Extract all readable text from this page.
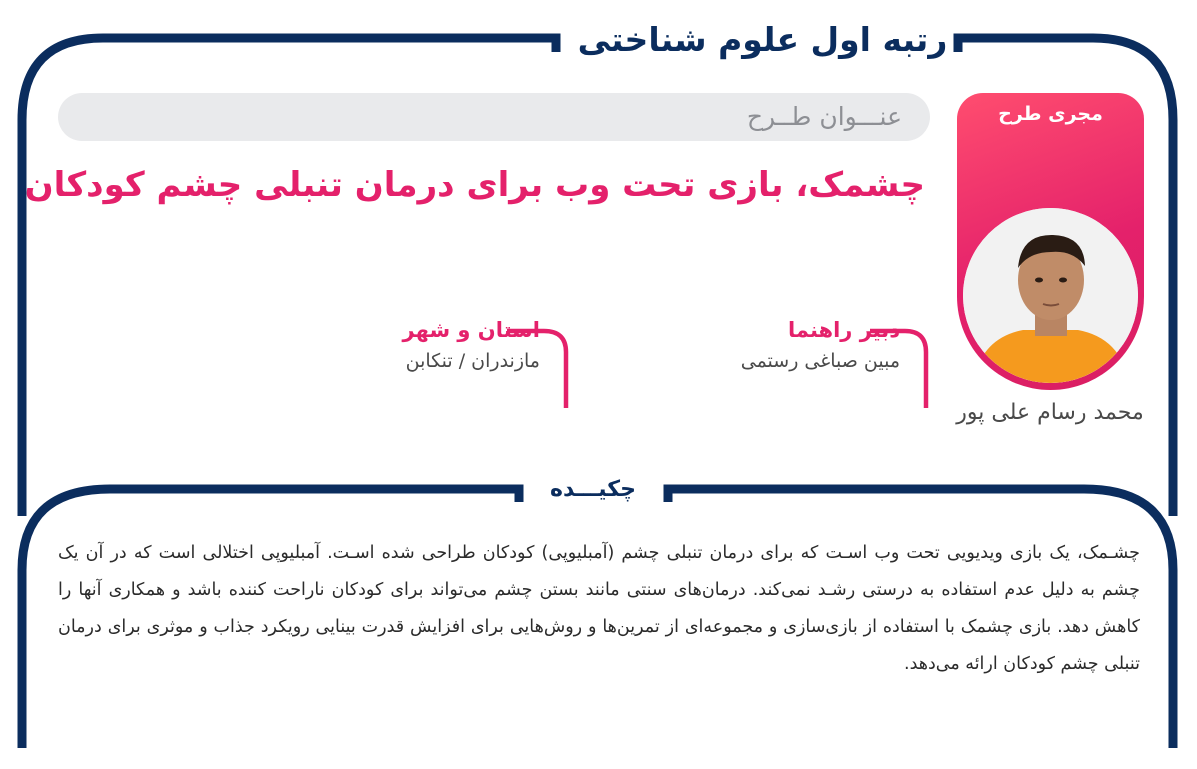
رتبه اول علوم شناختی
عنـــوان طــرح
چشمک، بازی تحت وب برای درمان تنبلی چشم کودکان
دبیر راهنما
مبین صباغی رستمی
استان و شهر
مازندران / تنکابن
مجری طرح
محمد رسام علی پور
چکیـــده
چشـمک، یک بازی ویدیویی تحت وب اسـت که برای درمان تنبلی چشم (آمبلیوپی) کودکان طراحی شده اسـت. آمبلیوپی اختلالی است که در آن یک چشم به دلیل عدم استفاده به درستی رشـد نمی‌کند. درمان‌های سنتی مانند بستن چشم می‌تواند برای کودکان ناراحت کننده باشد و همکاری آنها را کاهش دهد. بازی چشمک با استفاده از بازی‌سازی و مجموعه‌ای از تمرین‌ها و روش‌هایی برای افزایش قدرت بینایی رویکرد جذاب و موثری برای درمان تنبلی چشم کودکان ارائه می‌دهد.
